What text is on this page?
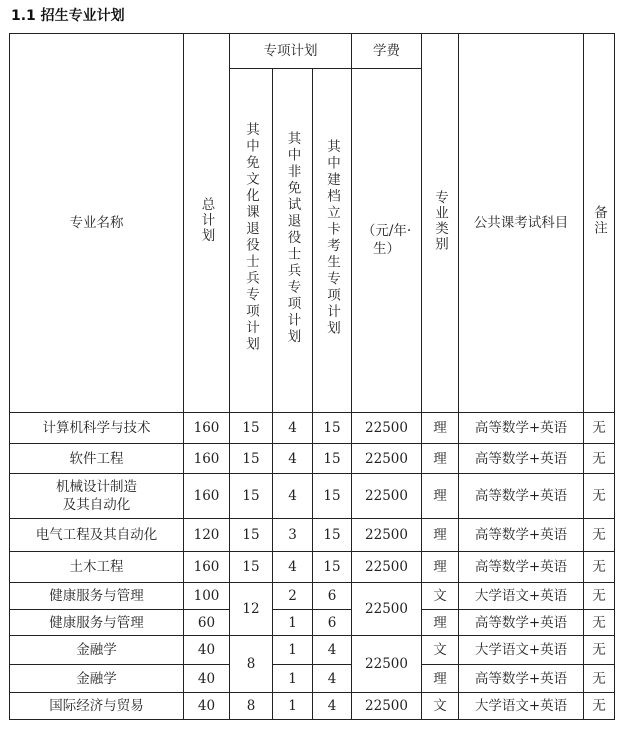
1.1 招生专业计划
专业名称	总计划	专项计划			学费	专业类别	公共课考试科目	备注
		其中免文化课退役士兵专项计划	其中非免试退役士兵专项计划	其中建档立卡考生专项计划	（元/年·生）			
计算机科学与技术	160	15	4	15	22500	理	高等数学+英语	无
软件工程	160	15	4	15	22500	理	高等数学+英语	无

机械设计制造
及其自动化	160	15	4	15	22500	理	高等数学+英语	无
电气工程及其自动化	120	15	3	15	22500	理	高等数学+英语	无
土木工程	160	15	4	15	22500	理	高等数学+英语	无
健康服务与管理	100	12	2	6	22500	文	大学语文+英语	无
健康服务与管理	60		1	6		理	高等数学+英语	无
金融学	40	8	1	4	22500	文	大学语文+英语	无
金融学	40		1	4		理	高等数学+英语	无
国际经济与贸易	40	8	1	4	22500	文	大学语文+英语	无
